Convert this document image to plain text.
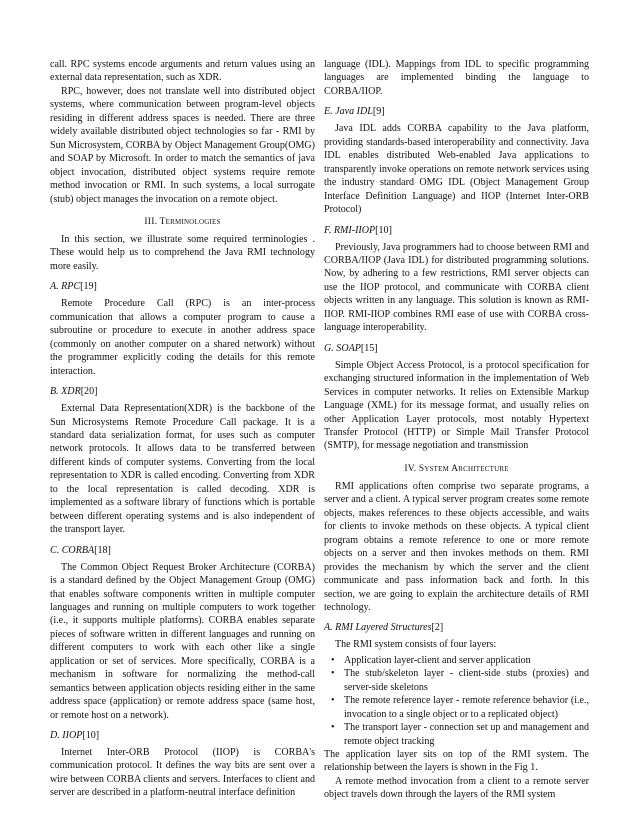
call. RPC systems encode arguments and return values using an external data representation, such as XDR.

RPC, however, does not translate well into distributed object systems, where communication between program-level objects residing in different address spaces is needed. There are three widely available distributed object technologies so far - RMI by Sun Microsystem, CORBA by Object Management Group(OMG) and SOAP by Microsoft. In order to match the semantics of java object invocation, distributed object systems require remote method invocation or RMI. In such systems, a local surrogate (stub) object manages the invocation on a remote object.

III. Terminologies

In this section, we illustrate some required terminologies . These would help us to comprehend the Java RMI technology more easily.

A. RPC[19]

Remote Procedure Call (RPC) is an inter-process communication that allows a computer program to cause a subroutine or procedure to execute in another address space (commonly on another computer on a shared network) without the programmer explicitly coding the details for this remote interaction.

B. XDR[20]

External Data Representation(XDR) is the backbone of the Sun Microsystems Remote Procedure Call package. It is a standard data serialization format, for uses such as computer network protocols. It allows data to be transferred between different kinds of computer systems. Converting from the local representation to XDR is called encoding. Converting from XDR to the local representation is called decoding. XDR is implemented as a software library of functions which is portable between different operating systems and is also independent of the transport layer.

C. CORBA[18]

The Common Object Request Broker Architecture (CORBA) is a standard defined by the Object Management Group (OMG) that enables software components written in multiple computer languages and running on multiple computers to work together (i.e., it supports multiple platforms). CORBA enables separate pieces of software written in different languages and running on different computers to work with each other like a single application or set of services. More specifically, CORBA is a mechanism in software for normalizing the method-call semantics between application objects residing either in the same address space (application) or remote address space (same host, or remote host on a network).

D. IIOP[10]

Internet Inter-ORB Protocol (IIOP) is CORBA's communication protocol. It defines the way bits are sent over a wire between CORBA clients and servers. Interfaces to client and server are described in a platform-neutral interface definition

language (IDL). Mappings from IDL to specific programming languages are implemented binding the language to CORBA/IIOP.

E. Java IDL[9]

Java IDL adds CORBA capability to the Java platform, providing standards-based interoperability and connectivity. Java IDL enables distributed Web-enabled Java applications to transparently invoke operations on remote network services using the industry standard OMG IDL (Object Management Group Interface Definition Language) and IIOP (Internet Inter-ORB Protocol)

F. RMI-IIOP[10]

Previously, Java programmers had to choose between RMI and CORBA/IIOP (Java IDL) for distributed programming solutions. Now, by adhering to a few restrictions, RMI server objects can use the IIOP protocol, and communicate with CORBA client objects written in any language. This solution is known as RMI-IIOP. RMI-IIOP combines RMI ease of use with CORBA cross-language interoperability.

G. SOAP[15]

Simple Object Access Protocol, is a protocol specification for exchanging structured information in the implementation of Web Services in computer networks. It relies on Extensible Markup Language (XML) for its message format, and usually relies on other Application Layer protocols, most notably Hypertext Transfer Protocol (HTTP) or Simple Mail Transfer Protocol (SMTP), for message negotiation and transmission

IV. System Architecture

RMI applications often comprise two separate programs, a server and a client. A typical server program creates some remote objects, makes references to these objects accessible, and waits for clients to invoke methods on these objects. A typical client program obtains a remote reference to one or more remote objects on a server and then invokes methods on them. RMI provides the mechanism by which the server and the client communicate and pass information back and forth. In this section, we are going to explain the architecture details of RMI technology.

A. RMI Layered Structures[2]

The RMI system consists of four layers:

• Application layer-client and server application
• The stub/skeleton layer - client-side stubs (proxies) and server-side skeletons
• The remote reference layer - remote reference behavior (i.e., invocation to a single object or to a replicated object)
• The transport layer - connection set up and management and remote object tracking

The application layer sits on top of the RMI system. The relationship between the layers is shown in the Fig 1.

A remote method invocation from a client to a remote server object travels down through the layers of the RMI system
